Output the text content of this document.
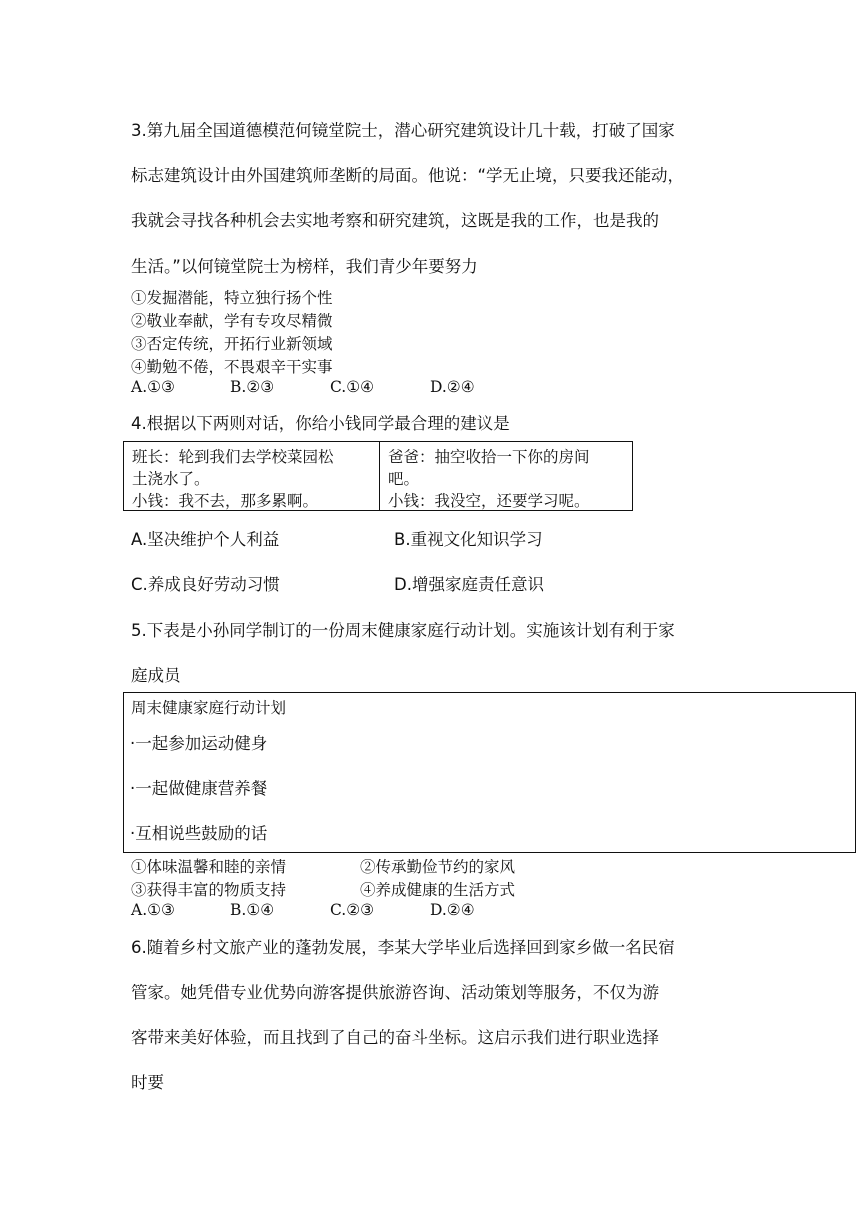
3.第九届全国道德模范何镜堂院士，潜心研究建筑设计几十载，打破了国家
标志建筑设计由外国建筑师垄断的局面。他说：“学无止境，只要我还能动，
我就会寻找各种机会去实地考察和研究建筑，这既是我的工作，也是我的
生活。”以何镜堂院士为榜样，我们青少年要努力
①发掘潜能，特立独行扬个性
②敬业奉献，学有专攻尽精微
③否定传统，开拓行业新领域
④勤勉不倦，不畏艰辛干实事
A.①③	B.②③	C.①④	D.②④
4.根据以下两则对话，你给小钱同学最合理的建议是
班长：轮到我们去学校菜园松
土浇水了。
小钱：我不去，那多累啊。
爸爸：抽空收拾一下你的房间
吧。
小钱：我没空，还要学习呢。
A.坚决维护个人利益	B.重视文化知识学习
C.养成良好劳动习惯	D.增强家庭责任意识
5.下表是小孙同学制订的一份周末健康家庭行动计划。实施该计划有利于家
庭成员
周末健康家庭行动计划
·一起参加运动健身
·一起做健康营养餐
·互相说些鼓励的话
①体味温馨和睦的亲情	②传承勤俭节约的家风
③获得丰富的物质支持	④养成健康的生活方式
A.①③	B.①④	C.②③	D.②④
6.随着乡村文旅产业的蓬勃发展，李某大学毕业后选择回到家乡做一名民宿
管家。她凭借专业优势向游客提供旅游咨询、活动策划等服务，不仅为游
客带来美好体验，而且找到了自己的奋斗坐标。这启示我们进行职业选择
时要
